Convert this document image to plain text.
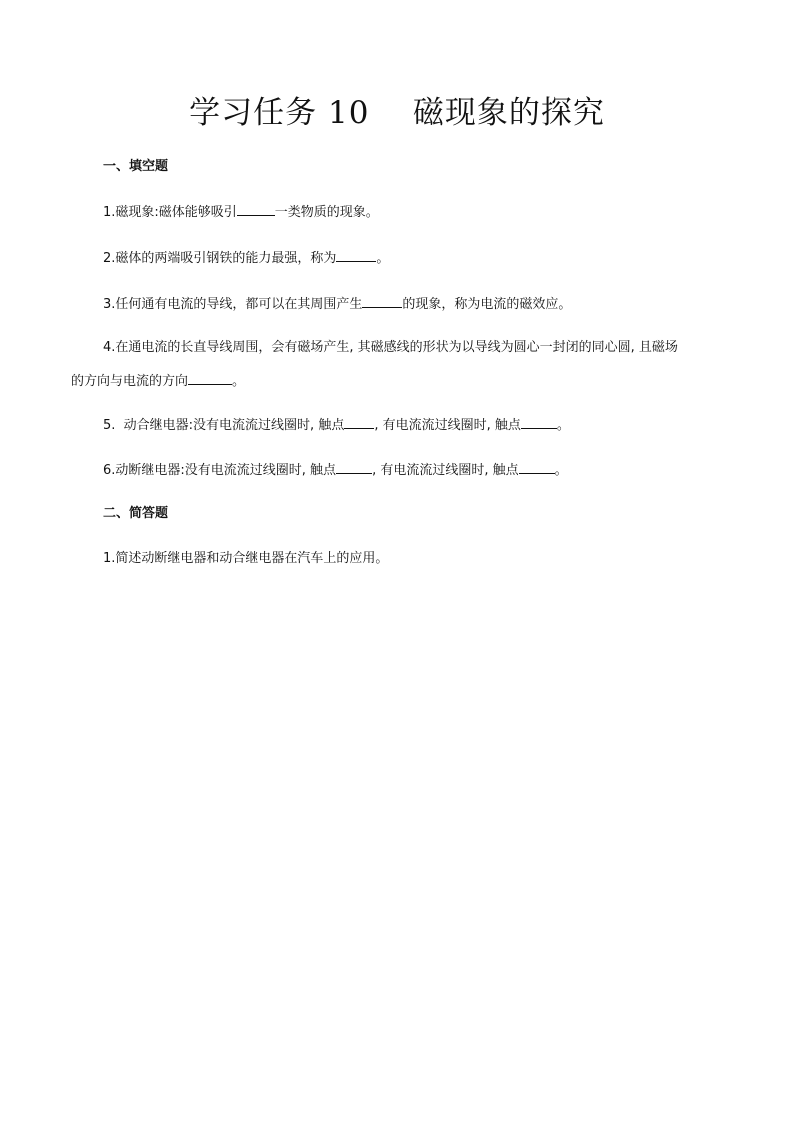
学习任务 10    磁现象的探究
一、填空题
1.磁现象:磁体能够吸引	一类物质的现象。
2.磁体的两端吸引钢铁的能力最强，称为	。
3.任何通有电流的导线，都可以在其周围产生	的现象，称为电流的磁效应。
4.在通电流的长直导线周围，会有磁场产生, 其磁感线的形状为以导线为圆心一封闭的同心圆, 且磁场
的方向与电流的方向	。
5.  动合继电器:没有电流流过线圈时, 触点 , 有电流流过线圈时, 触点	。
6.动断继电器:没有电流流过线圈时, 触点	, 有电流流过线圈时, 触点	。
二、简答题
1.简述动断继电器和动合继电器在汽车上的应用。
